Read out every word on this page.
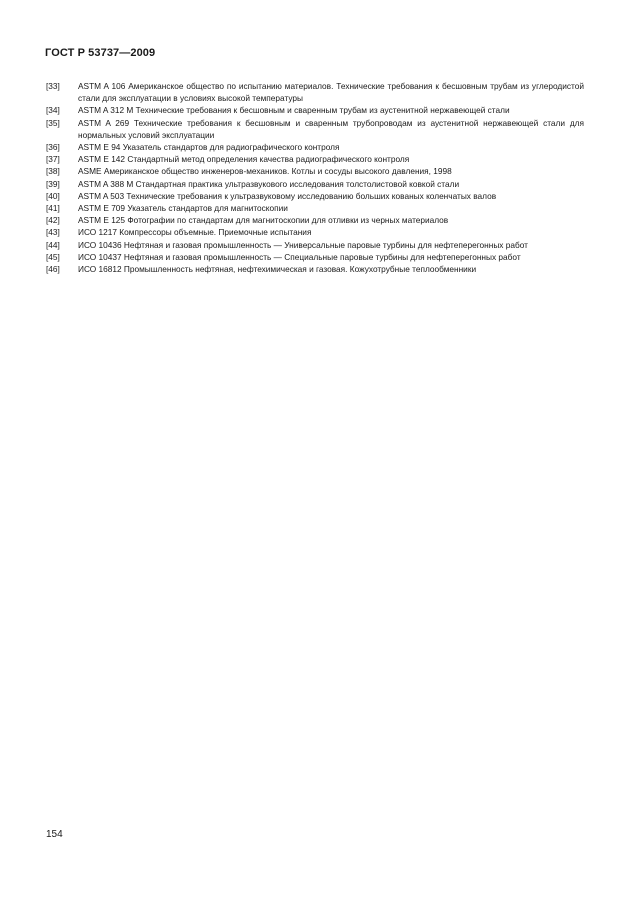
ГОСТ Р 53737—2009
[33]	ASTM A 106 Американское общество по испытанию материалов. Технические требования к бесшовным трубам из углеродистой стали для эксплуатации в условиях высокой температуры
[34]	ASTM A 312 M Технические требования к бесшовным и сваренным трубам из аустенитной нержавеющей стали
[35]	ASTM A 269 Технические требования к бесшовным и сваренным трубопроводам из аустенитной нержавеющей стали для нормальных условий эксплуатации
[36]	ASTM E 94 Указатель стандартов для радиографического контроля
[37]	ASTM E 142 Стандартный метод определения качества радиографического контроля
[38]	ASME Американское общество инженеров-механиков. Котлы и сосуды высокого давления, 1998
[39]	ASTM A 388 M Стандартная практика ультразвукового исследования толстолистовой ковкой стали
[40]	ASTM A 503 Технические требования к ультразвуковому исследованию больших кованых коленчатых валов
[41]	ASTM E 709 Указатель стандартов для магнитоскопии
[42]	ASTM E 125 Фотографии по стандартам для магнитоскопии для отливки из черных материалов
[43]	ИСО 1217 Компрессоры объемные. Приемочные испытания
[44]	ИСО 10436 Нефтяная и газовая промышленность — Универсальные паровые турбины для нефтеперегонных работ
[45]	ИСО 10437 Нефтяная и газовая промышленность — Специальные паровые турбины для нефтеперегонных работ
[46]	ИСО 16812 Промышленность нефтяная, нефтехимическая и газовая. Кожухотрубные теплообменники
154
